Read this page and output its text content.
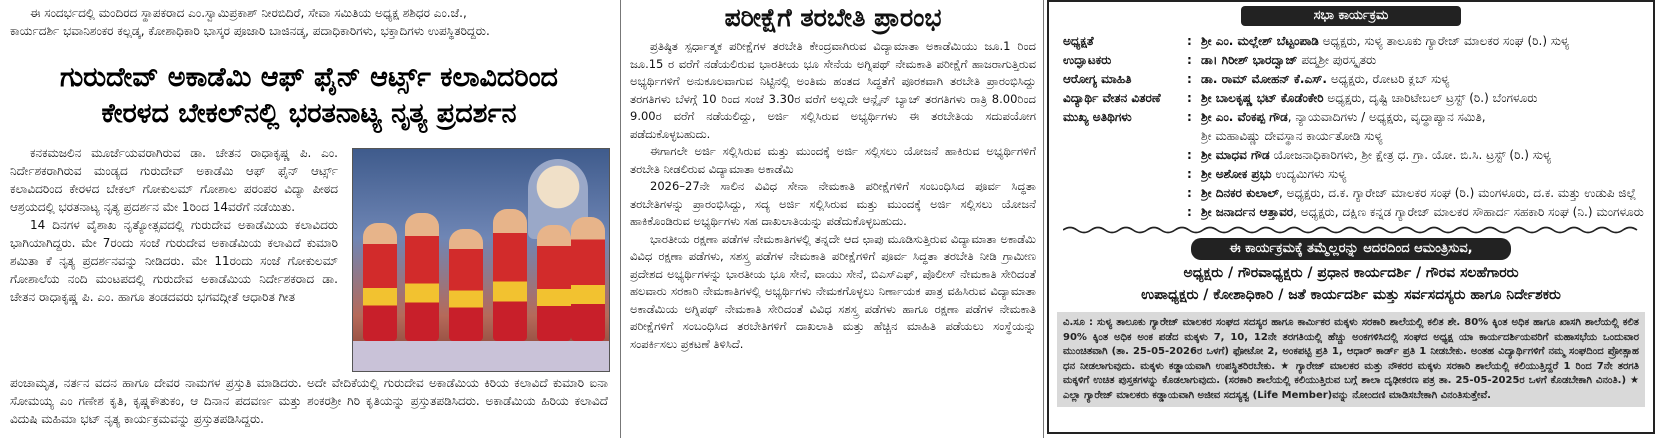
ಈ ಸಂದರ್ಭದಲ್ಲಿ ಮಂದಿರದ ಸ್ಥಾಪಕರಾದ ಎಂ.ಸ್ವಾಮಿಪ್ರಕಾಶ್ ನೀರಬಿದಿರೆ, ಸೇವಾ ಸಮಿತಿಯ ಅಧ್ಯಕ್ಷ ಶಶಿಧರ ಎಂ.ಜೆ.,

ಕಾರ್ಯದರ್ಶಿ ಭವಾನಿಶಂಕರ ಕಲ್ಲಡ್ಕ, ಕೋಶಾಧಿಕಾರಿ ಭಾಸ್ಕರ ಪೂಜಾರಿ ಬಾಜಿನಡ್ಕ, ಪದಾಧಿಕಾರಿಗಳು, ಭಕ್ತಾದಿಗಳು ಉಪಸ್ಥಿತರಿದ್ದರು.

ಗುರುದೇವ್ ಅಕಾಡೆಮಿ ಆಫ್ ಫೈನ್ ಆರ್ಟ್ಸ್ ಕಲಾವಿದರಿಂದ
ಕೇರಳದ ಬೇಕಲ್‌ನಲ್ಲಿ ಭರತನಾಟ್ಯ ನೃತ್ಯ ಪ್ರದರ್ಶನ

ಕನಕಮಜಲಿನ ಮೂರ್ಜೆಯವರಾಗಿರುವ ಡಾ. ಚೇತನ ರಾಧಾಕೃಷ್ಣ ಪಿ. ಎಂ. ನಿರ್ದೇಶಕರಾಗಿರುವ ಮಂಡ್ಯದ ಗುರುದೇವ್ ಅಕಾಡೆಮಿ ಆಫ್ ಫೈನ್ ಆರ್ಟ್ಸ್ ಕಲಾವಿದರಿಂದ ಕೇರಳದ ಬೇಕಲ್ ಗೋಕುಲಮ್ ಗೋಶಾಲ ಪರಂಪರ ವಿದ್ಯಾ ಪೀಠದ ಆಶ್ರಯದಲ್ಲಿ ಭರತನಾಟ್ಯ ನೃತ್ಯ ಪ್ರದರ್ಶನ ಮೇ 1ರಿಂದ 14ವರೆಗೆ ನಡೆಯಿತು.

14 ದಿನಗಳ ವೈಶಾಖ ನೃತ್ಯೋತ್ಸವದಲ್ಲಿ ಗುರುದೇವ ಅಕಾಡೆಮಿಯ ಕಲಾವಿದರು ಭಾಗಿಯಾಗಿದ್ದರು. ಮೇ 7ರಂದು ಸಂಜೆ ಗುರುದೇವ ಅಕಾಡೆಮಿಯ ಕಲಾವಿದೆ ಕುಮಾರಿ ಶಮಿತಾ ಕೆ ನೃತ್ಯ ಪ್ರದರ್ಶನವನ್ನು ನೀಡಿದರು. ಮೇ 11ರಂದು ಸಂಜೆ ಗೋಕುಲಮ್ ಗೋಶಾಲೆಯ ನಂದಿ ಮಂಟಪದಲ್ಲಿ ಗುರುದೇವ ಅಕಾಡೆಮಿಯ ನಿರ್ದೇಶಕರಾದ ಡಾ. ಚೇತನ ರಾಧಾಕೃಷ್ಣ ಪಿ. ಎಂ. ಹಾಗೂ ತಂಡದವರು ಭಗವದ್ಗೀತೆ ಆಧಾರಿತ ಗೀತ

ಪಂಚಾಮೃತ, ನರ್ತನ ವದನ ಹಾಗೂ ದೇವರ ನಾಮಗಳ ಪ್ರಸ್ತುತಿ ಮಾಡಿದರು. ಅದೇ ವೇದಿಕೆಯಲ್ಲಿ ಗುರುದೇವ ಅಕಾಡೆಮಿಯ ಕಿರಿಯ ಕಲಾವಿದೆ ಕುಮಾರಿ ಐನಾ ಸೋಮಯ್ಯ ಎಂ ಗಣೇಶ ಕೃತಿ, ಕೃಷ್ಣಕೌತುಕಂ, ಆ ದಿನಾನ ಪದವರ್ಣ ಮತ್ತು ಶಂಕರಶ್ರೀ ಗಿರಿ ಕೃತಿಯನ್ನು ಪ್ರಸ್ತುತಪಡಿಸಿದರು. ಅಕಾಡೆಮಿಯ ಹಿರಿಯ ಕಲಾವಿದೆ ವಿದುಷಿ ಮಹಿಮಾ ಭಟ್ ನೃತ್ಯ ಕಾರ್ಯಕ್ರಮವನ್ನು ಪ್ರಸ್ತುತಪಡಿಸಿದ್ದರು.

ಪರೀಕ್ಷೆಗೆ ತರಬೇತಿ ಪ್ರಾರಂಭ

ಪ್ರತಿಷ್ಠಿತ ಸ್ಪರ್ಧಾತ್ಮಕ ಪರೀಕ್ಷೆಗಳ ತರಬೇತಿ ಕೇಂದ್ರವಾಗಿರುವ ವಿದ್ಯಾಮಾತಾ ಅಕಾಡೆಮಿಯು ಜೂ.1 ರಿಂದ ಜೂ.15 ರ ವರೆಗೆ ನಡೆಯಲಿರುವ ಭಾರತೀಯ ಭೂ ಸೇನೆಯ ಅಗ್ನಿಪಥ್ ನೇಮಕಾತಿ ಪರೀಕ್ಷೆಗೆ ಹಾಜರಾಗುತ್ತಿರುವ ಅಭ್ಯರ್ಥಿಗಳಿಗೆ ಅನುಕೂಲವಾಗುವ ನಿಟ್ಟಿನಲ್ಲಿ ಅಂತಿಮ ಹಂತದ ಸಿದ್ಧತೆಗೆ ಪೂರಕವಾಗಿ ತರಬೇತಿ ಪ್ರಾರಂಭಿಸಿದ್ದು ತರಗತಿಗಳು ಬೆಳಗ್ಗೆ 10 ರಿಂದ ಸಂಜೆ 3.30ರ ವರೆಗೆ ಅಲ್ಲದೇ ಆನ್ಲೈನ್ ಬ್ಯಾಚ್ ತರಗತಿಗಳು ರಾತ್ರಿ 8.00ರಿಂದ 9.00ರ ವರೆಗೆ ನಡೆಯಲಿದ್ದು, ಅರ್ಜಿ ಸಲ್ಲಿಸಿರುವ ಅಭ್ಯರ್ಥಿಗಳು ಈ ತರಬೇತಿಯ ಸದುಪಯೋಗ ಪಡೆದುಕೊಳ್ಳಬಹುದು.

ಈಗಾಗಲೇ ಅರ್ಜಿ ಸಲ್ಲಿಸಿರುವ ಮತ್ತು ಮುಂದಕ್ಕೆ ಅರ್ಜಿ ಸಲ್ಲಿಸಲು ಯೋಜನೆ ಹಾಕಿರುವ ಅಭ್ಯರ್ಥಿಗಳಿಗೆ ತರಬೇತಿ ನೀಡಲಿರುವ ವಿದ್ಯಾಮಾತಾ ಅಕಾಡೆಮಿ

2026–27ನೇ ಸಾಲಿನ ವಿವಿಧ ಸೇನಾ ನೇಮಕಾತಿ ಪರೀಕ್ಷೆಗಳಿಗೆ ಸಂಬಂಧಿಸಿದ ಪೂರ್ವ ಸಿದ್ಧತಾ ತರಬೇತಿಗಳನ್ನು ಪ್ರಾರಂಭಿಸಿದ್ದು, ಸದ್ಯ ಅರ್ಜಿ ಸಲ್ಲಿಸಿರುವ ಮತ್ತು ಮುಂದಕ್ಕೆ ಅರ್ಜಿ ಸಲ್ಲಿಸಲು ಯೋಜನೆ ಹಾಕಿಕೊಂಡಿರುವ ಅಭ್ಯರ್ಥಿಗಳು ಸಹ ದಾಖಲಾತಿಯನ್ನು ಪಡೆದುಕೊಳ್ಳಬಹುದು.

ಭಾರತೀಯ ರಕ್ಷಣಾ ಪಡೆಗಳ ನೇಮಕಾತಿಗಳಲ್ಲಿ ತನ್ನದೇ ಆದ ಛಾಪು ಮೂಡಿಸುತ್ತಿರುವ ವಿದ್ಯಾಮಾತಾ ಅಕಾಡೆಮಿ ವಿವಿಧ ರಕ್ಷಣಾ ಪಡೆಗಳು, ಸಶಸ್ತ್ರ ಪಡೆಗಳ ನೇಮಕಾತಿ ಪರೀಕ್ಷೆಗಳಿಗೆ ಪೂರ್ವ ಸಿದ್ಧತಾ ತರಬೇತಿ ನೀಡಿ ಗ್ರಾಮೀಣ ಪ್ರದೇಶದ ಅಭ್ಯರ್ಥಿಗಳನ್ನು ಭಾರತೀಯ ಭೂ ಸೇನೆ, ವಾಯು ಸೇನೆ, ಬಿಎಸ್ಎಫ್, ಪೊಲೀಸ್ ನೇಮಕಾತಿ ಸೇರಿದಂತೆ ಹಲವಾರು ಸರಕಾರಿ ನೇಮಕಾತಿಗಳಲ್ಲಿ ಅಭ್ಯರ್ಥಿಗಳು ನೇಮಕಗೊಳ್ಳಲು ನಿರ್ಣಾಯಕ ಪಾತ್ರ ವಹಿಸಿರುವ ವಿದ್ಯಾಮಾತಾ ಅಕಾಡೆಮಿಯ ಅಗ್ನಿಪಥ್ ನೇಮಕಾತಿ ಸೇರಿದಂತೆ ವಿವಿಧ ಸಶಸ್ತ್ರ ಪಡೆಗಳು ಹಾಗೂ ರಕ್ಷಣಾ ಪಡೆಗಳ ನೇಮಕಾತಿ ಪರೀಕ್ಷೆಗಳಿಗೆ ಸಂಬಂಧಿಸಿದ ತರಬೇತಿಗಳಿಗೆ ದಾಖಲಾತಿ ಮತ್ತು ಹೆಚ್ಚಿನ ಮಾಹಿತಿ ಪಡೆಯಲು ಸಂಸ್ಥೆಯನ್ನು ಸಂಪರ್ಕಿಸಲು ಪ್ರಕಟಣೆ ತಿಳಿಸಿದೆ.

ಸಭಾ ಕಾರ್ಯಕ್ರಮ
ಅಧ್ಯಕ್ಷತೆ	: ಶ್ರೀ ಎಂ. ಮಲ್ಲೇಶ್ ಬೆಟ್ಟಂಪಾಡಿ ಅಧ್ಯಕ್ಷರು, ಸುಳ್ಯ ತಾಲೂಕು ಗ್ಯಾರೇಜ್ ಮಾಲಕರ ಸಂಘ (ರಿ.) ಸುಳ್ಯ
ಉದ್ಘಾಟಕರು	: ಡಾ। ಗಿರೀಶ್ ಭಾರದ್ವಾಜ್ ಪದ್ಮಶ್ರೀ ಪುರಸ್ಕೃತರು
ಆರೋಗ್ಯ ಮಾಹಿತಿ	: ಡಾ. ರಾಮ್ ಮೋಹನ್ ಕೆ.ಎಸ್. ಅಧ್ಯಕ್ಷರು, ರೋಟರಿ ಕ್ಲಬ್ ಸುಳ್ಯ
ವಿದ್ಯಾರ್ಥಿ ವೇತನ ವಿತರಣೆ	: ಶ್ರೀ ಬಾಲಕೃಷ್ಣ ಭಟ್ ಕೊಡೆಂಕೇರಿ ಅಧ್ಯಕ್ಷರು, ದೃಷ್ಟಿ ಚಾರಿಟೇಬಲ್ ಟ್ರಸ್ಟ್ (ರಿ.) ಬೆಂಗಳೂರು
ಮುಖ್ಯ ಅತಿಥಿಗಳು	: ಶ್ರೀ ಎಂ. ವೆಂಕಪ್ಪ ಗೌಡ, ನ್ಯಾಯವಾದಿಗಳು / ಅಧ್ಯಕ್ಷರು, ವೃದ್ಧಾಪ್ಯಾನ ಸಮಿತಿ,
ಶ್ರೀ ಮಹಾವಿಷ್ಣು ದೇವಸ್ಥಾನ ಕಾರ್ಯತೋಡಿ ಸುಳ್ಯ
: ಶ್ರೀ ಮಾಧವ ಗೌಡ ಯೋಜನಾಧಿಕಾರಿಗಳು, ಶ್ರೀ ಕ್ಷೇತ್ರ ಧ. ಗ್ರಾ. ಯೋ. ಬಿ.ಸಿ. ಟ್ರಸ್ಟ್ (ರಿ.) ಸುಳ್ಯ
: ಶ್ರೀ ಅಶೋಕ ಪ್ರಭು ಉದ್ಯಮಿಗಳು ಸುಳ್ಯ
: ಶ್ರೀ ದಿನಕರ ಕುಲಾಲ್, ಅಧ್ಯಕ್ಷರು, ದ.ಕ. ಗ್ಯಾರೇಜ್ ಮಾಲಕರ ಸಂಘ (ರಿ.) ಮಂಗಳೂರು, ದ.ಕ. ಮತ್ತು ಉಡುಪಿ ಜಿಲ್ಲೆ
: ಶ್ರೀ ಜನಾರ್ದನ ಆತ್ತಾವರ, ಅಧ್ಯಕ್ಷರು, ದಕ್ಷಿಣ ಕನ್ನಡ ಗ್ಯಾರೇಜ್ ಮಾಲಕರ ಸೌಹಾರ್ದ ಸಹಕಾರಿ ಸಂಘ (ನಿ.) ಮಂಗಳೂರು
ಈ ಕಾರ್ಯಕ್ರಮಕ್ಕೆ ತಮ್ಮೆಲ್ಲರನ್ನು ಆದರದಿಂದ ಆಮಂತ್ರಿಸುವ,
ಅಧ್ಯಕ್ಷರು / ಗೌರವಾಧ್ಯಕ್ಷರು / ಪ್ರಧಾನ ಕಾರ್ಯದರ್ಶಿ / ಗೌರವ ಸಲಹೆಗಾರರು
ಉಪಾಧ್ಯಕ್ಷರು / ಕೋಶಾಧಿಕಾರಿ / ಜತೆ ಕಾರ್ಯದರ್ಶಿ ಮತ್ತು ಸರ್ವಸದಸ್ಯರು ಹಾಗೂ ನಿರ್ದೇಶಕರು
ವಿ.ಸೂ : ಸುಳ್ಯ ತಾಲೂಕು ಗ್ಯಾರೇಜ್ ಮಾಲಕರ ಸಂಘದ ಸದಸ್ಯರ ಹಾಗೂ ಕಾರ್ಮಿಕರ ಮಕ್ಕಳು ಸರಕಾರಿ ಶಾಲೆಯಲ್ಲಿ ಕಲಿತ ಶೇ. 80% ಕ್ಕಿಂತ ಅಧಿಕ ಹಾಗೂ ಖಾಸಗಿ ಶಾಲೆಯಲ್ಲಿ ಕಲಿತ 90% ಕ್ಕಿಂತ ಅಧಿಕ ಅಂಕ ಪಡೆದ ಮಕ್ಕಳು 7, 10, 12ನೇ ತರಗತಿಯಲ್ಲಿ ಹೆಚ್ಚು ಅಂಕಗಳಿಸಿದಲ್ಲಿ ಸಂಘದ ಅಧ್ಯಕ್ಷ ಯಾ ಕಾರ್ಯದರ್ಶಿಯವರಿಗೆ ಮಹಾಸಭೆಯ ಒಂದುವಾರ ಮುಂಚಿತವಾಗಿ (ತಾ. 25-05-2026ರ ಒಳಗೆ) ಫೋಟೋ 2, ಅಂಕಪಟ್ಟಿ ಪ್ರತಿ 1, ಆಧಾರ್ ಕಾರ್ಡ್ ಪ್ರತಿ 1 ನೀಡಬೇಕು. ಅಂತಹ ವಿದ್ಯಾರ್ಥಿಗಳಿಗೆ ನಮ್ಮ ಸಂಘದಿಂದ ಪ್ರೋತ್ಸಾಹ ಧನ ನೀಡಲಾಗುವುದು. ಮಕ್ಕಳು ಕಡ್ಡಾಯವಾಗಿ ಉಪಸ್ಥಿತರಿರಬೇಕು. ★ ಗ್ಯಾರೇಜ್ ಮಾಲಕರ ಮತ್ತು ನೌಕರರ ಮಕ್ಕಳು ಸರಕಾರಿ ಶಾಲೆಯಲ್ಲಿ ಕಲಿಯುತ್ತಿದ್ದರೆ 1 ರಿಂದ 7ನೇ ತರಗತಿ ಮಕ್ಕಳಿಗೆ ಉಚಿತ ಪುಸ್ತಕಗಳನ್ನು ಕೊಡಲಾಗುವುದು. (ಸರಕಾರಿ ಶಾಲೆಯಲ್ಲಿ ಕಲಿಯುತ್ತಿರುವ ಬಗ್ಗೆ ಶಾಲಾ ದೃಢೀಕರಣ ಪತ್ರ ತಾ. 25-05-2025ರ ಒಳಗೆ ಕೊಡಬೇಕಾಗಿ ವಿನಂತಿ.) ★ ಎಲ್ಲಾ ಗ್ಯಾರೇಜ್ ಮಾಲಕರು ಕಡ್ಡಾಯವಾಗಿ ಅಜೀವ ಸದಸ್ಯತ್ವ (Life Member)ವನ್ನು ನೋಂದಣಿ ಮಾಡಿಸಬೇಕಾಗಿ ವಿನಂತಿಸುತ್ತೇವೆ.
